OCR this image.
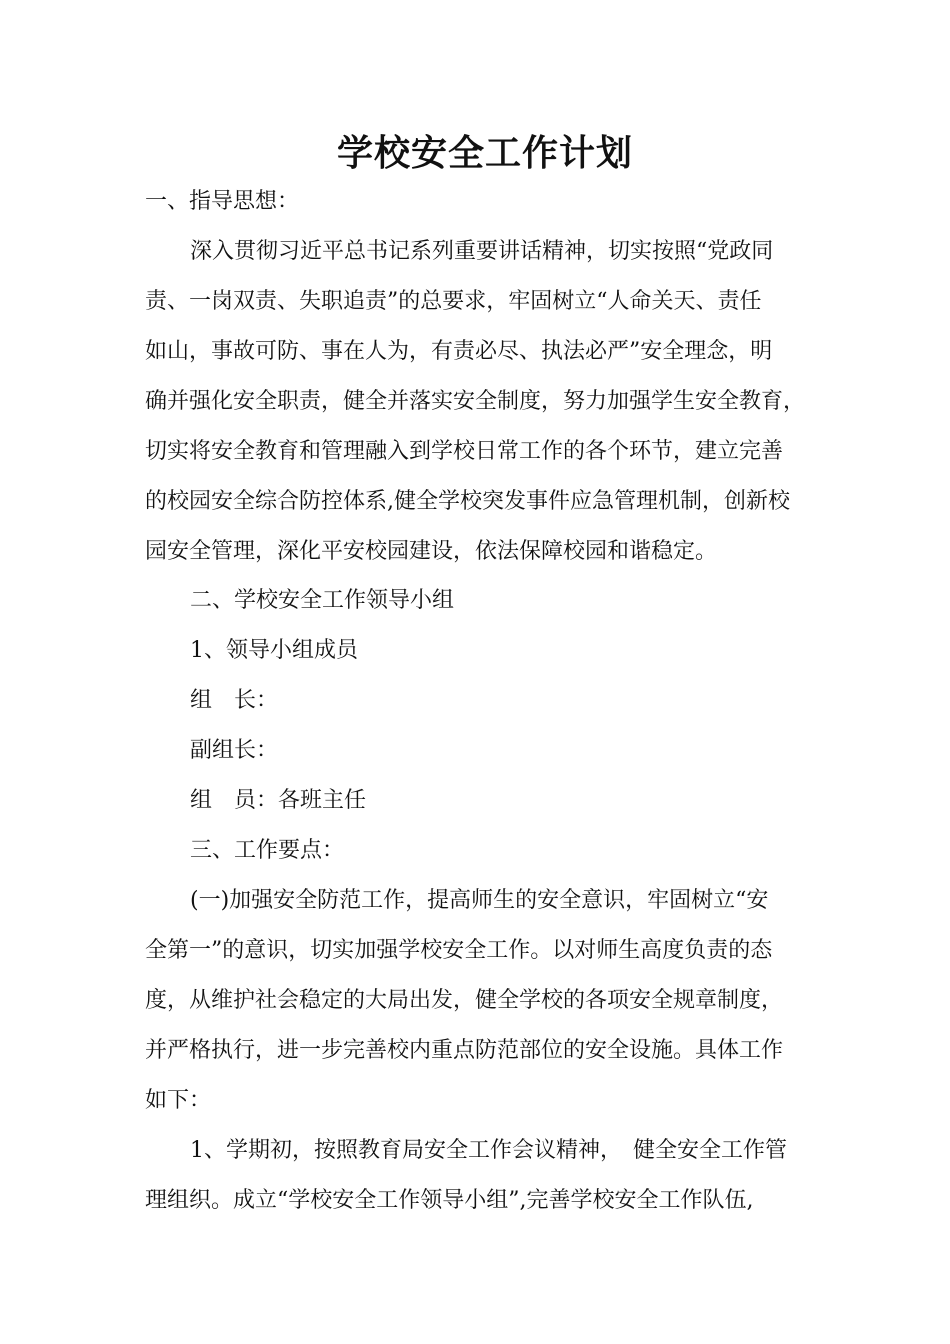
学校安全工作计划
一、指导思想：
深入贯彻习近平总书记系列重要讲话精神，切实按照“党政同
责、一岗双责、失职追责”的总要求，牢固树立“人命关天、责任
如山，事故可防、事在人为，有责必尽、执法必严”安全理念，明
确并强化安全职责，健全并落实安全制度，努力加强学生安全教育，
切实将安全教育和管理融入到学校日常工作的各个环节，建立完善
的校园安全综合防控体系,健全学校突发事件应急管理机制，创新校
园安全管理，深化平安校园建设，依法保障校园和谐稳定。
二、学校安全工作领导小组
1、领导小组成员
组　长：
副组长：
组　员：各班主任
三、工作要点：
(一)加强安全防范工作，提高师生的安全意识，牢固树立“安
全第一”的意识，切实加强学校安全工作。以对师生高度负责的态
度，从维护社会稳定的大局出发，健全学校的各项安全规章制度，
并严格执行，进一步完善校内重点防范部位的安全设施。具体工作
如下：
1、学期初，按照教育局安全工作会议精神，　健全安全工作管
理组织。成立“学校安全工作领导小组”,完善学校安全工作队伍,
